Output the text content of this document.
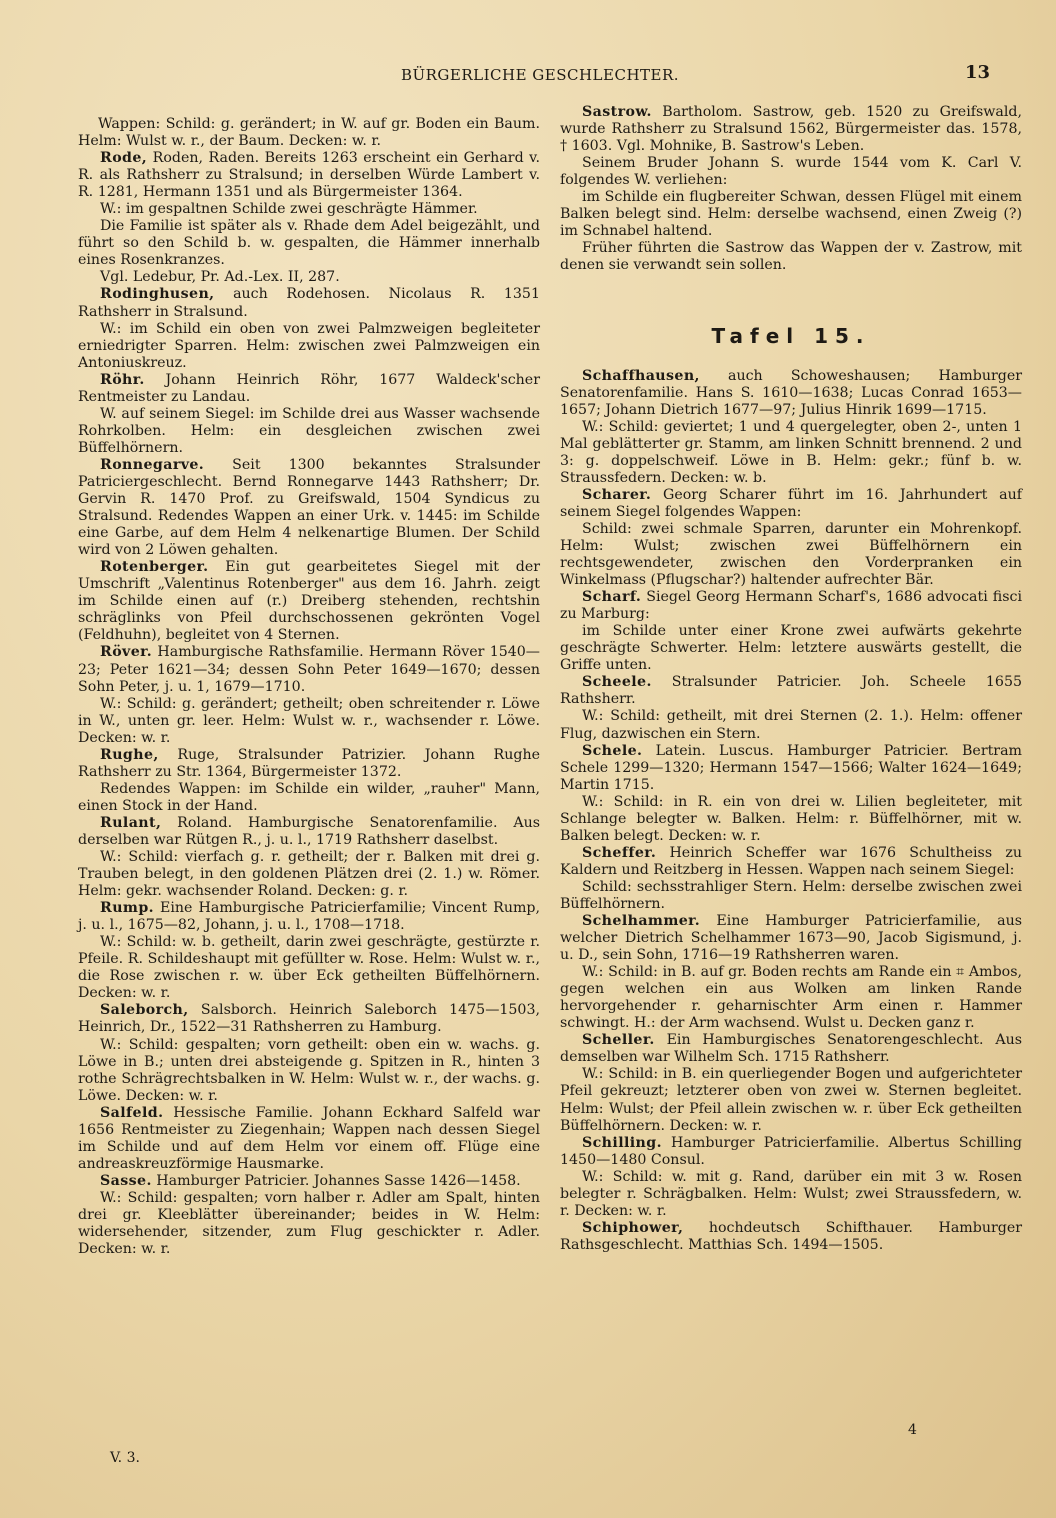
BÜRGERLICHE GESCHLECHTER.	13

Wappen: Schild: g. gerändert; in W. auf gr. Boden ein Baum. Helm: Wulst w. r., der Baum. Decken: w. r.

Rode, Roden, Raden. Bereits 1263 erscheint ein Gerhard v. R. als Rathsherr zu Stralsund; in derselben Würde Lambert v. R. 1281, Hermann 1351 und als Bürgermeister 1364.

W.: im gespaltnen Schilde zwei geschrägte Hämmer.

Die Familie ist später als v. Rhade dem Adel beigezählt, und führt so den Schild b. w. gespalten, die Hämmer innerhalb eines Rosenkranzes.

Vgl. Ledebur, Pr. Ad.-Lex. II, 287.

Rodinghusen, auch Rodehosen. Nicolaus R. 1351 Rathsherr in Stralsund.

W.: im Schild ein oben von zwei Palmzweigen begleiteter erniedrigter Sparren. Helm: zwischen zwei Palmzweigen ein Antoniuskreuz.

Röhr. Johann Heinrich Röhr, 1677 Waldeck'scher Rentmeister zu Landau.

W. auf seinem Siegel: im Schilde drei aus Wasser wachsende Rohrkolben. Helm: ein desgleichen zwischen zwei Büffelhörnern.

Ronnegarve. Seit 1300 bekanntes Stralsunder Patriciergeschlecht. Bernd Ronnegarve 1443 Rathsherr; Dr. Gervin R. 1470 Prof. zu Greifswald, 1504 Syndicus zu Stralsund. Redendes Wappen an einer Urk. v. 1445: im Schilde eine Garbe, auf dem Helm 4 nelkenartige Blumen. Der Schild wird von 2 Löwen gehalten.

Rotenberger. Ein gut gearbeitetes Siegel mit der Umschrift „Valentinus Rotenberger" aus dem 16. Jahrh. zeigt im Schilde einen auf (r.) Dreiberg stehenden, rechtshin schräglinks von Pfeil durchschossenen gekrönten Vogel (Feldhuhn), begleitet von 4 Sternen.

Röver. Hamburgische Rathsfamilie. Hermann Röver 1540—23; Peter 1621—34; dessen Sohn Peter 1649—1670; dessen Sohn Peter, j. u. 1, 1679—1710.

W.: Schild: g. gerändert; getheilt; oben schreitender r. Löwe in W., unten gr. leer. Helm: Wulst w. r., wachsender r. Löwe. Decken: w. r.

Rughe, Ruge, Stralsunder Patrizier. Johann Rughe Rathsherr zu Str. 1364, Bürgermeister 1372.

Redendes Wappen: im Schilde ein wilder, „rauher" Mann, einen Stock in der Hand.

Rulant, Roland. Hamburgische Senatorenfamilie. Aus derselben war Rütgen R., j. u. l., 1719 Rathsherr daselbst.

W.: Schild: vierfach g. r. getheilt; der r. Balken mit drei g. Trauben belegt, in den goldenen Plätzen drei (2. 1.) w. Römer. Helm: gekr. wachsender Roland. Decken: g. r.

Rump. Eine Hamburgische Patricierfamilie; Vincent Rump, j. u. l., 1675—82, Johann, j. u. l., 1708—1718.

W.: Schild: w. b. getheilt, darin zwei geschrägte, gestürzte r. Pfeile. R. Schildeshaupt mit gefüllter w. Rose. Helm: Wulst w. r., die Rose zwischen r. w. über Eck getheilten Büffelhörnern. Decken: w. r.

Saleborch, Salsborch. Heinrich Saleborch 1475—1503, Heinrich, Dr., 1522—31 Rathsherren zu Hamburg.

W.: Schild: gespalten; vorn getheilt: oben ein w. wachs. g. Löwe in B.; unten drei absteigende g. Spitzen in R., hinten 3 rothe Schrägrechtsbalken in W. Helm: Wulst w. r., der wachs. g. Löwe. Decken: w. r.

Salfeld. Hessische Familie. Johann Eckhard Salfeld war 1656 Rentmeister zu Ziegenhain; Wappen nach dessen Siegel im Schilde und auf dem Helm vor einem off. Flüge eine andreaskreuzförmige Hausmarke.

Sasse. Hamburger Patricier. Johannes Sasse 1426—1458.

W.: Schild: gespalten; vorn halber r. Adler am Spalt, hinten drei gr. Kleeblätter übereinander; beides in W. Helm: widersehender, sitzender, zum Flug geschickter r. Adler. Decken: w. r.

Sastrow. Bartholom. Sastrow, geb. 1520 zu Greifswald, wurde Rathsherr zu Stralsund 1562, Bürgermeister das. 1578, † 1603. Vgl. Mohnike, B. Sastrow's Leben.

Seinem Bruder Johann S. wurde 1544 vom K. Carl V. folgendes W. verliehen:

im Schilde ein flugbereiter Schwan, dessen Flügel mit einem Balken belegt sind. Helm: derselbe wachsend, einen Zweig (?) im Schnabel haltend.

Früher führten die Sastrow das Wappen der v. Zastrow, mit denen sie verwandt sein sollen.

Tafel 15.

Schaffhausen, auch Schoweshausen; Hamburger Senatorenfamilie. Hans S. 1610—1638; Lucas Conrad 1653—1657; Johann Dietrich 1677—97; Julius Hinrik 1699—1715.

W.: Schild: geviertet; 1 und 4 quergelegter, oben 2-, unten 1 Mal geblätterter gr. Stamm, am linken Schnitt brennend. 2 und 3: g. doppelschweif. Löwe in B. Helm: gekr.; fünf b. w. Straussfedern. Decken: w. b.

Scharer. Georg Scharer führt im 16. Jahrhundert auf seinem Siegel folgendes Wappen:

Schild: zwei schmale Sparren, darunter ein Mohrenkopf. Helm: Wulst; zwischen zwei Büffelhörnern ein rechtsgewendeter, zwischen den Vorderpranken ein Winkelmass (Pflugschar?) haltender aufrechter Bär.

Scharf. Siegel Georg Hermann Scharf's, 1686 advocati fisci zu Marburg:

im Schilde unter einer Krone zwei aufwärts gekehrte geschrägte Schwerter. Helm: letztere auswärts gestellt, die Griffe unten.

Scheele. Stralsunder Patricier. Joh. Scheele 1655 Rathsherr.

W.: Schild: getheilt, mit drei Sternen (2. 1.). Helm: offener Flug, dazwischen ein Stern.

Schele. Latein. Luscus. Hamburger Patricier. Bertram Schele 1299—1320; Hermann 1547—1566; Walter 1624—1649; Martin 1715.

W.: Schild: in R. ein von drei w. Lilien begleiteter, mit Schlange belegter w. Balken. Helm: r. Büffelhörner, mit w. Balken belegt. Decken: w. r.

Scheffer. Heinrich Scheffer war 1676 Schultheiss zu Kaldern und Reitzberg in Hessen. Wappen nach seinem Siegel:

Schild: sechsstrahliger Stern. Helm: derselbe zwischen zwei Büffelhörnern.

Schelhammer. Eine Hamburger Patricierfamilie, aus welcher Dietrich Schelhammer 1673—90, Jacob Sigismund, j. u. D., sein Sohn, 1716—19 Rathsherren waren.

W.: Schild: in B. auf gr. Boden rechts am Rande ein ⌗ Ambos, gegen welchen ein aus Wolken am linken Rande hervorgehender r. geharnischter Arm einen r. Hammer schwingt. H.: der Arm wachsend. Wulst u. Decken ganz r.

Scheller. Ein Hamburgisches Senatorengeschlecht. Aus demselben war Wilhelm Sch. 1715 Rathsherr.

W.: Schild: in B. ein querliegender Bogen und aufgerichteter Pfeil gekreuzt; letzterer oben von zwei w. Sternen begleitet. Helm: Wulst; der Pfeil allein zwischen w. r. über Eck getheilten Büffelhörnern. Decken: w. r.

Schilling. Hamburger Patricierfamilie. Albertus Schilling 1450—1480 Consul.

W.: Schild: w. mit g. Rand, darüber ein mit 3 w. Rosen belegter r. Schrägbalken. Helm: Wulst; zwei Straussfedern, w. r. Decken: w. r.

Schiphower, hochdeutsch Schifthauer. Hamburger Rathsgeschlecht. Matthias Sch. 1494—1505.

V. 3.
4
